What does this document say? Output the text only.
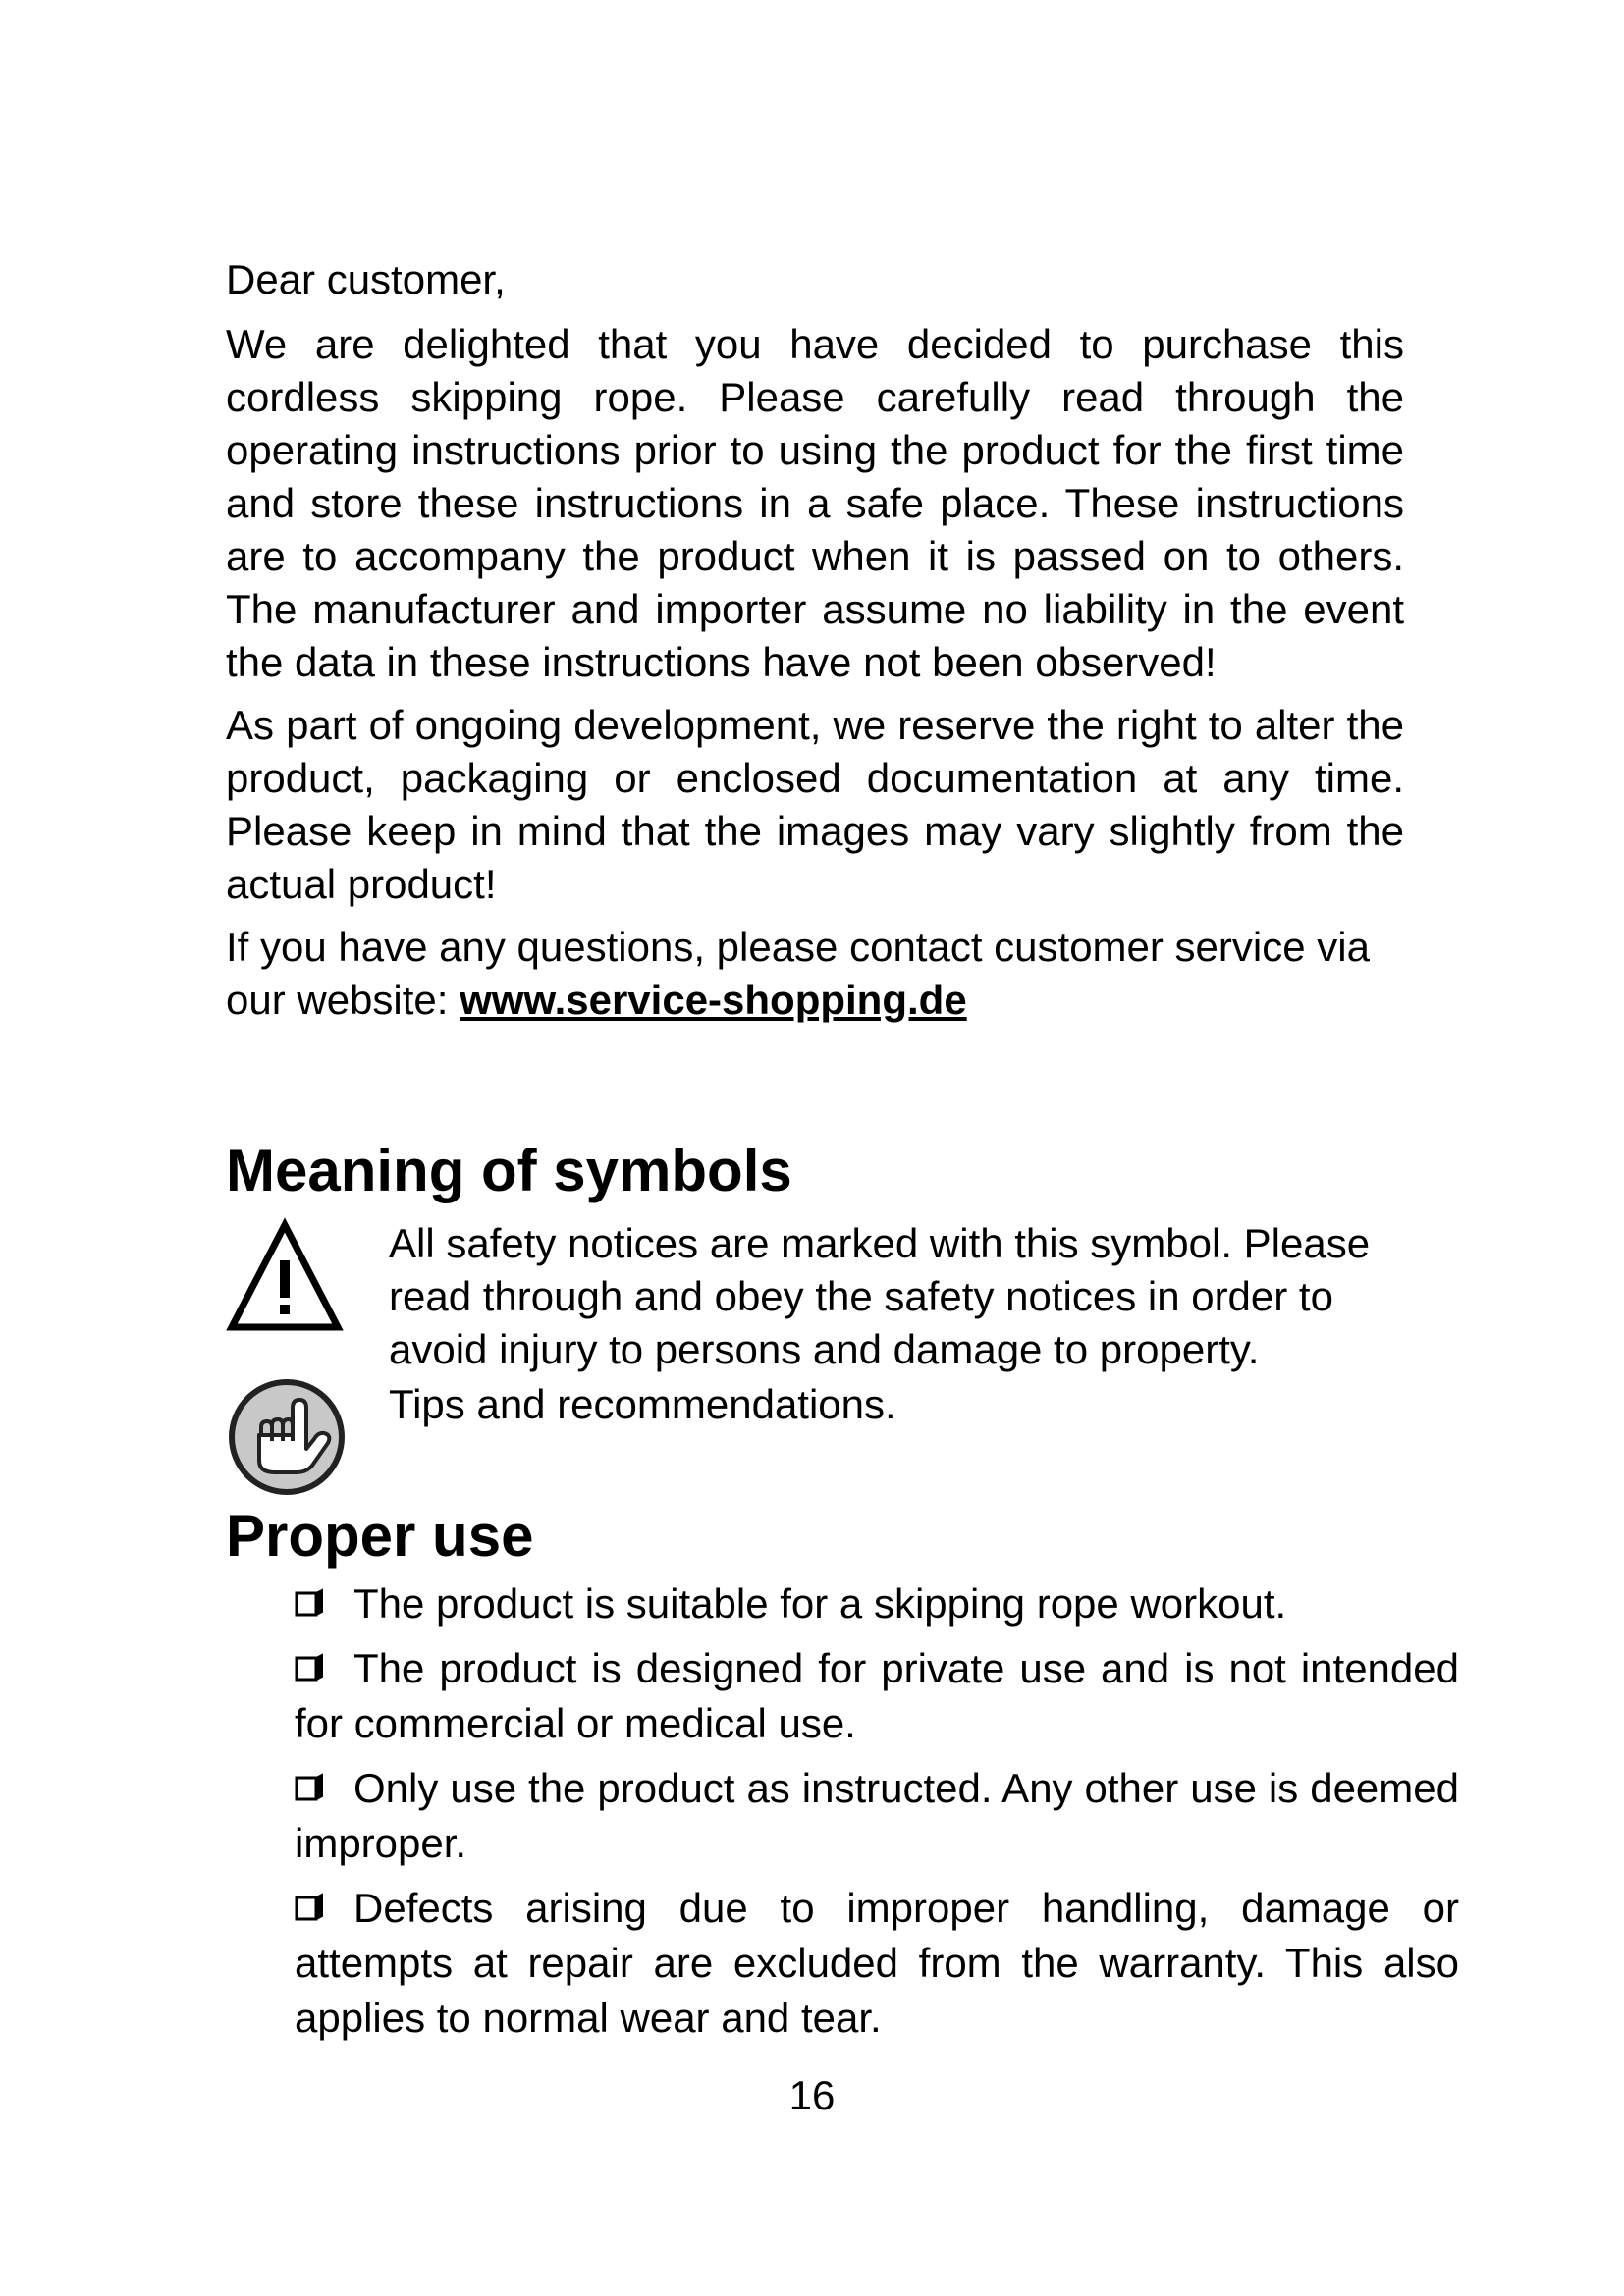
Dear customer,

We are delighted that you have decided to purchase this cordless skipping rope. Please carefully read through the operating instructions prior to using the product for the first time and store these instructions in a safe place. These instructions are to accompany the product when it is passed on to others. The manufacturer and importer assume no liability in the event the data in these instructions have not been observed!

As part of ongoing development, we reserve the right to alter the product, packaging or enclosed documentation at any time. Please keep in mind that the images may vary slightly from the actual product!

If you have any questions, please contact customer service via our website: www.service-shopping.de

Meaning of symbols
All safety notices are marked with this symbol. Please read through and obey the safety notices in order to avoid injury to persons and damage to property.
Tips and recommendations.
Proper use
The product is suitable for a skipping rope workout.
The product is designed for private use and is not intended for commercial or medical use.
Only use the product as instructed. Any other use is deemed improper.
Defects arising due to improper handling, damage or attempts at repair are excluded from the warranty. This also applies to normal wear and tear.
16
